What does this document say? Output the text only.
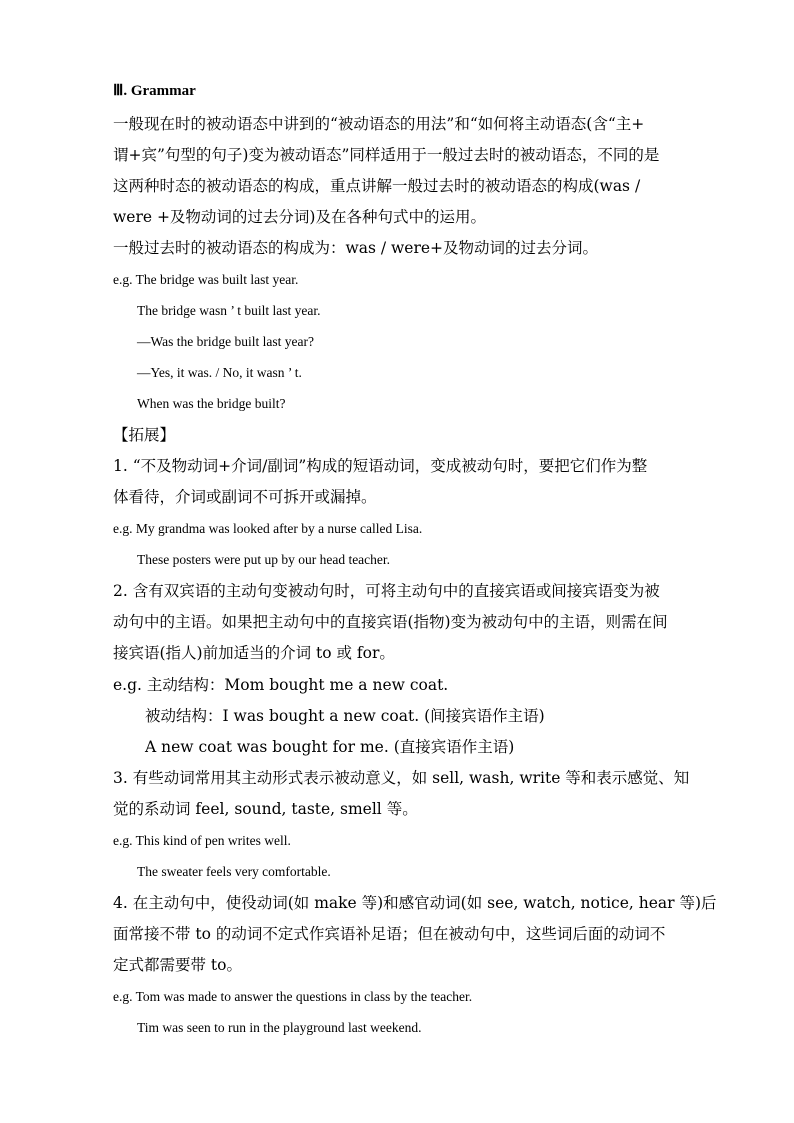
Ⅲ. Grammar
一般现在时的被动语态中讲到的“被动语态的用法”和“如何将主动语态(含“主+
谓+宾”句型的句子)变为被动语态”同样适用于一般过去时的被动语态，不同的是
这两种时态的被动语态的构成，重点讲解一般过去时的被动语态的构成(was /
were +及物动词的过去分词)及在各种句式中的运用。
一般过去时的被动语态的构成为：was / were+及物动词的过去分词。
e.g. The bridge was built last year.
The bridge wasn ’ t built last year.
—Was the bridge built last year?
—Yes, it was. / No, it wasn ’ t.
When was the bridge built?
【拓展】
1. “不及物动词+介词/副词”构成的短语动词，变成被动句时，要把它们作为整
体看待，介词或副词不可拆开或漏掉。
e.g. My grandma was looked after by a nurse called Lisa.
These posters were put up by our head teacher.
2. 含有双宾语的主动句变被动句时，可将主动句中的直接宾语或间接宾语变为被
动句中的主语。如果把主动句中的直接宾语(指物)变为被动句中的主语，则需在间
接宾语(指人)前加适当的介词 to 或 for。
e.g. 主动结构：Mom bought me a new coat.
被动结构：I was bought a new coat. (间接宾语作主语)
A new coat was bought for me. (直接宾语作主语)
3. 有些动词常用其主动形式表示被动意义，如 sell, wash, write 等和表示感觉、知
觉的系动词 feel, sound, taste, smell 等。
e.g. This kind of pen writes well.
The sweater feels very comfortable.
4. 在主动句中，使役动词(如 make 等)和感官动词(如 see, watch, notice, hear 等)后
面常接不带 to 的动词不定式作宾语补足语；但在被动句中，这些词后面的动词不
定式都需要带 to。
e.g. Tom was made to answer the questions in class by the teacher.
Tim was seen to run in the playground last weekend.
